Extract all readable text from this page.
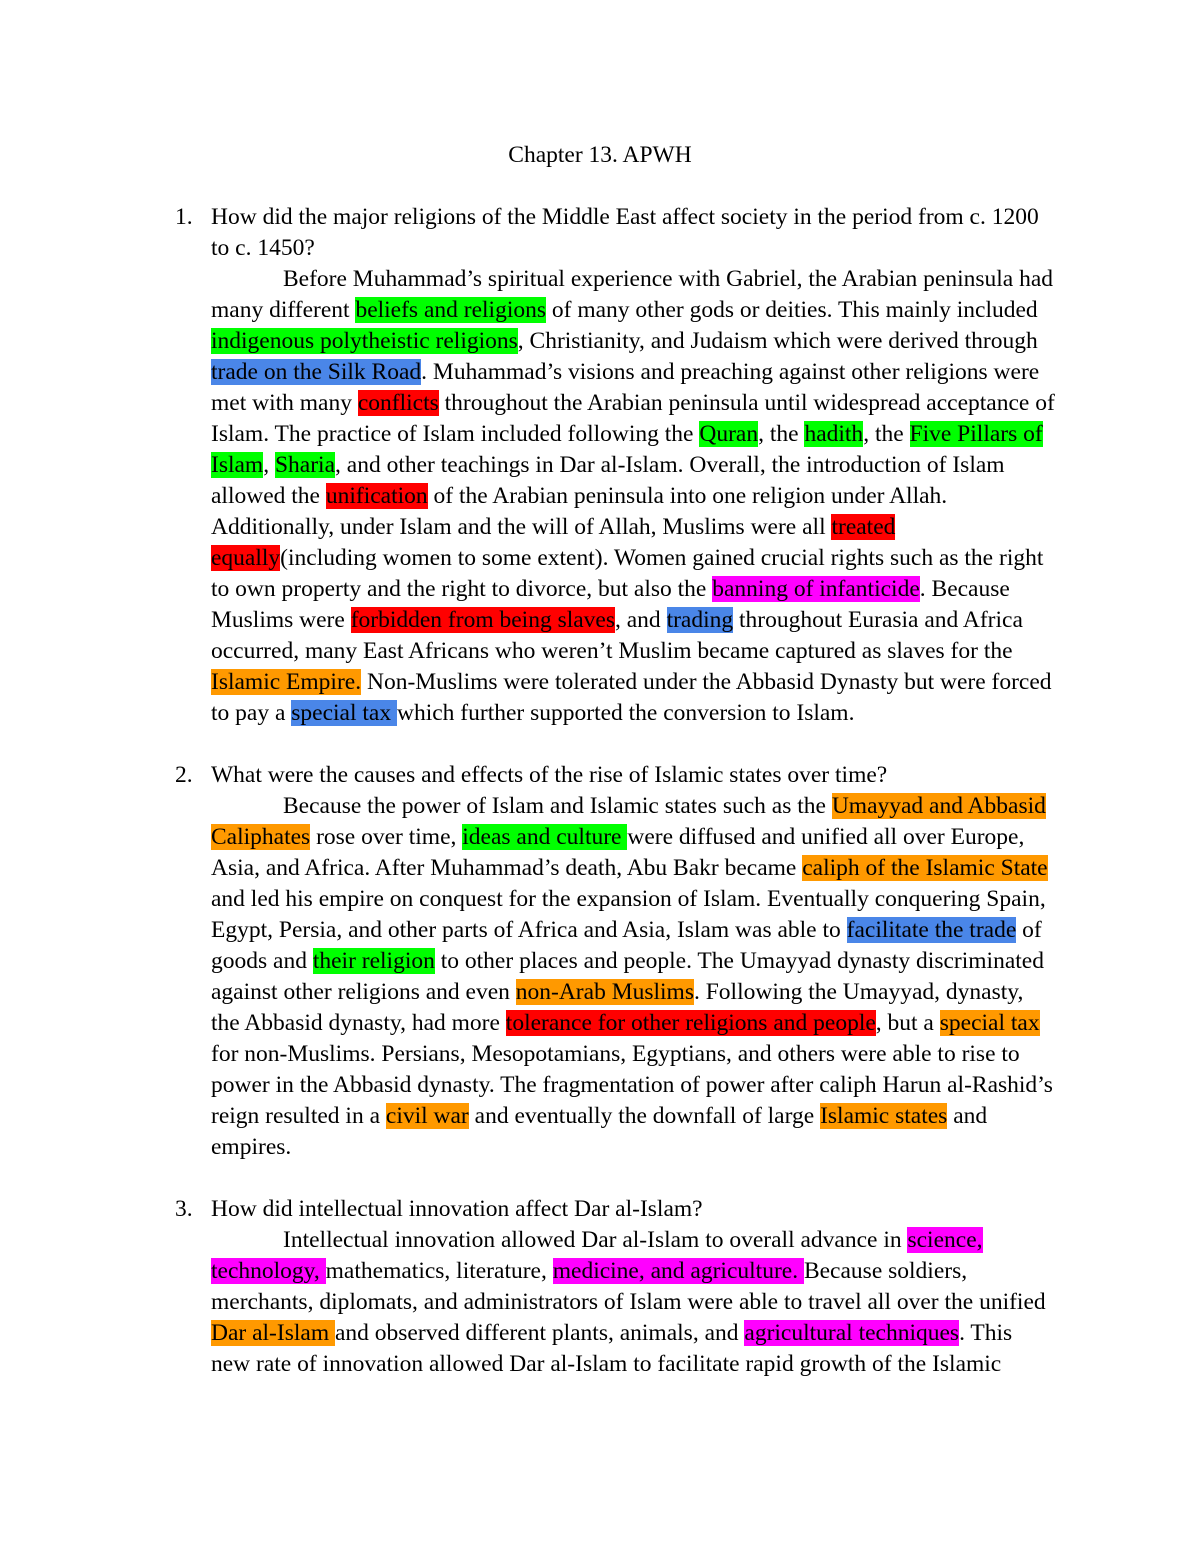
Chapter 13. APWH
1. How did the major religions of the Middle East affect society in the period from c. 1200
to c. 1450?
Before Muhammad’s spiritual experience with Gabriel, the Arabian peninsula had
many different beliefs and religions of many other gods or deities. This mainly included
indigenous polytheistic religions, Christianity, and Judaism which were derived through
trade on the Silk Road. Muhammad’s visions and preaching against other religions were
met with many conflicts throughout the Arabian peninsula until widespread acceptance of
Islam. The practice of Islam included following the Quran, the hadith, the Five Pillars of
Islam, Sharia, and other teachings in Dar al-Islam. Overall, the introduction of Islam
allowed the unification of the Arabian peninsula into one religion under Allah.
Additionally, under Islam and the will of Allah, Muslims were all treated
equally(including women to some extent). Women gained crucial rights such as the right
to own property and the right to divorce, but also the banning of infanticide. Because
Muslims were forbidden from being slaves, and trading throughout Eurasia and Africa
occurred, many East Africans who weren’t Muslim became captured as slaves for the
Islamic Empire. Non-Muslims were tolerated under the Abbasid Dynasty but were forced
to pay a special tax which further supported the conversion to Islam.
2. What were the causes and effects of the rise of Islamic states over time?
Because the power of Islam and Islamic states such as the Umayyad and Abbasid
Caliphates rose over time, ideas and culture were diffused and unified all over Europe,
Asia, and Africa. After Muhammad’s death, Abu Bakr became caliph of the Islamic State
and led his empire on conquest for the expansion of Islam. Eventually conquering Spain,
Egypt, Persia, and other parts of Africa and Asia, Islam was able to facilitate the trade of
goods and their religion to other places and people. The Umayyad dynasty discriminated
against other religions and even non-Arab Muslims. Following the Umayyad, dynasty,
the Abbasid dynasty, had more tolerance for other religions and people, but a special tax
for non-Muslims. Persians, Mesopotamians, Egyptians, and others were able to rise to
power in the Abbasid dynasty. The fragmentation of power after caliph Harun al-Rashid’s
reign resulted in a civil war and eventually the downfall of large Islamic states and
empires.
3. How did intellectual innovation affect Dar al-Islam?
Intellectual innovation allowed Dar al-Islam to overall advance in science,
technology, mathematics, literature, medicine, and agriculture. Because soldiers,
merchants, diplomats, and administrators of Islam were able to travel all over the unified
Dar al-Islam and observed different plants, animals, and agricultural techniques. This
new rate of innovation allowed Dar al-Islam to facilitate rapid growth of the Islamic
